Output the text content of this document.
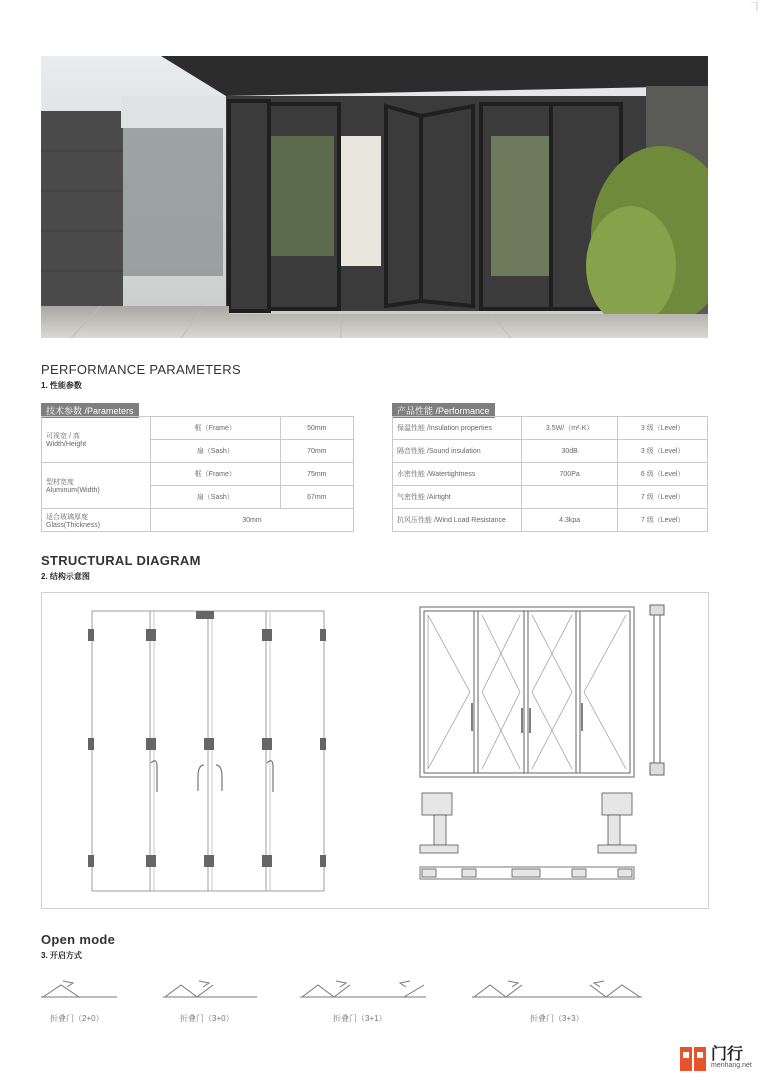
PERFORMANCE PARAMETERS
1. 性能参数
技术参数 /Parameters
可视宽 / 高
Width/Height	框（Frame）	50mm
	扇（Sash）	70mm
型材宽度
Aluminum(Width)	框（Frame）	75mm
	扇（Sash）	67mm
适合玻璃厚度
Glass(Thickness)	30mm	
产品性能 /Performance
保温性能 /Insulation properties	3.5W/（m²·K）	3 级（Level）
隔音性能 /Sound insulation	30dB	3 级（Level）
水密性能 /Watertightness	700Pa	6 级（Level）
气密性能 /Airtight		7 级（Level）
抗风压性能 /Wind Load Resistance	4.3kpa	7 级（Level）
STRUCTURAL DIAGRAM
2. 结构示意图
Open mode
3. 开启方式
折叠门（2+0）	折叠门（3+0）	折叠门（3+1）	折叠门（3+3）
门行
menhang.net
